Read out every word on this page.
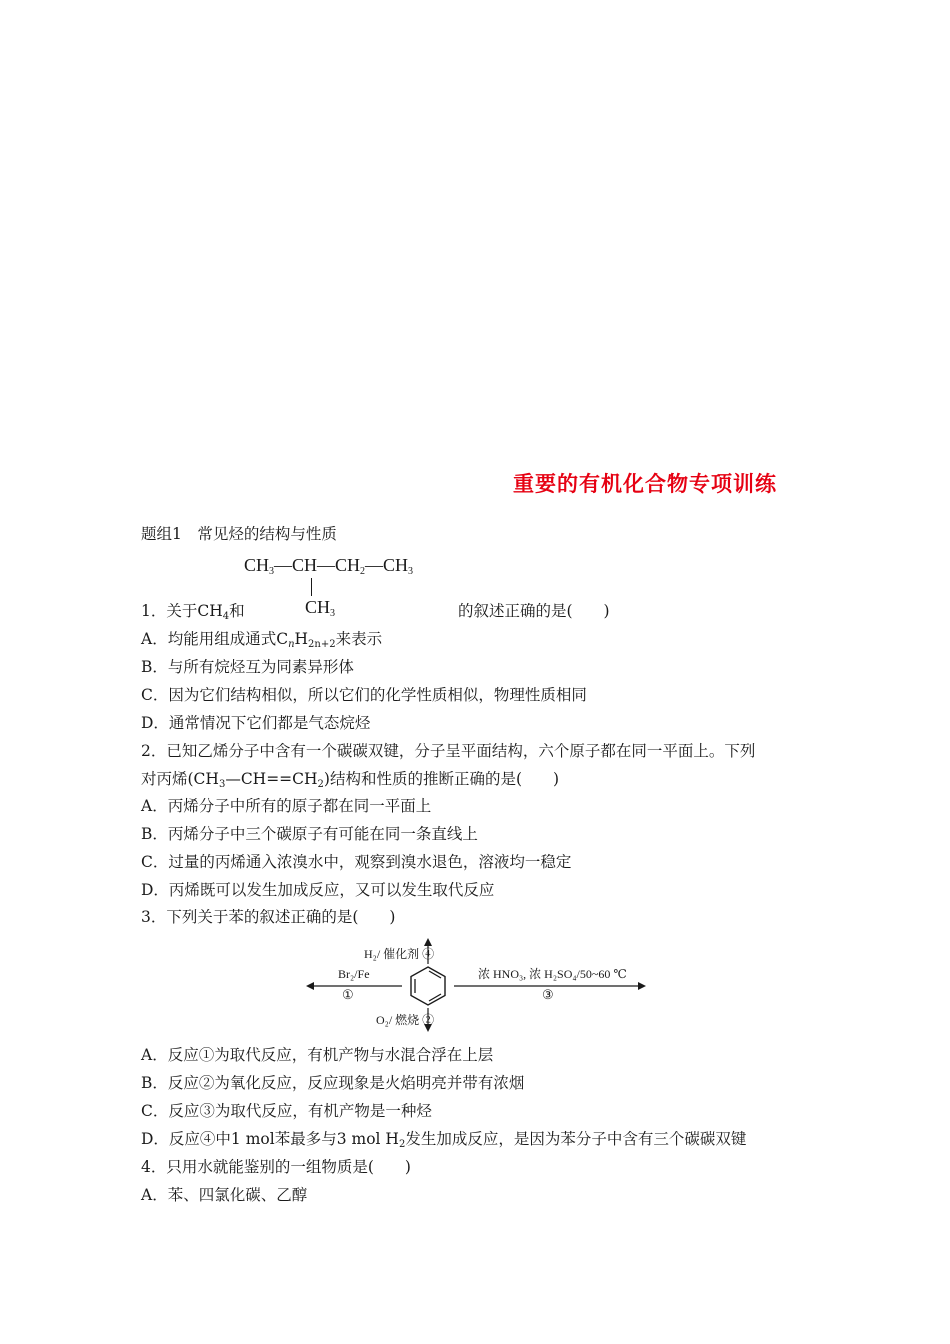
重要的有机化合物专项训练
题组1　常见烃的结构与性质
$CH_3—CH—CH_2—CH_3$
$CH_3$
1．关于$CH_4$和	的叙述正确的是(　　)
A．均能用组成通式$C_nH_{2n+2}$来表示
B．与所有烷烃互为同素异形体
C．因为它们结构相似，所以它们的化学性质相似，物理性质相同
D．通常情况下它们都是气态烷烃
2．已知乙烯分子中含有一个碳碳双键，分子呈平面结构，六个原子都在同一平面上。下列
对丙烯$(CH_3—CH==CH_2)$结构和性质的推断正确的是(　　)
A．丙烯分子中所有的原子都在同一平面上
B．丙烯分子中三个碳原子有可能在同一条直线上
C．过量的丙烯通入浓溴水中，观察到溴水退色，溶液均一稳定
D．丙烯既可以发生加成反应，又可以发生取代反应
3．下列关于苯的叙述正确的是(　　)
H₂/ 催化剂 ④
Br₂/Fe
①
浓 HNO₃, 浓 H₂SO₄/50~60 ℃
③
O₂/ 燃烧 ②
A．反应①为取代反应，有机产物与水混合浮在上层
B．反应②为氧化反应，反应现象是火焰明亮并带有浓烟
C．反应③为取代反应，有机产物是一种烃
D．反应④中1 mol苯最多与3 mol $H_2$发生加成反应，是因为苯分子中含有三个碳碳双键
4．只用水就能鉴别的一组物质是(　　)
A．苯、四氯化碳、乙醇
